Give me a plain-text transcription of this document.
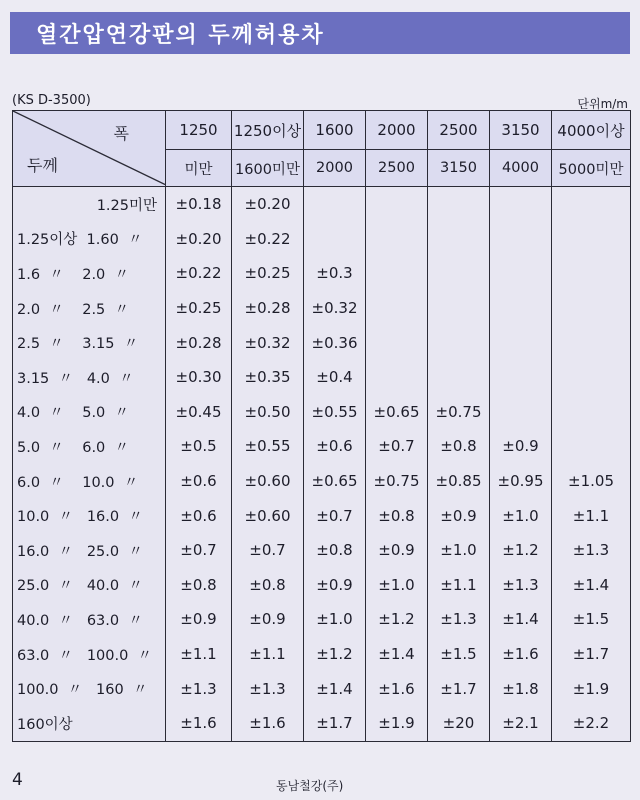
열간압연강판의 두께허용차
(KS D-3500)	단위m/m
폭
두께	1250	1250이상	1600	2000	2500	3150	4000이상
	미만	1600미만	2000	2500	3150	4000	5000미만
1.25미만	±0.18	±0.20					
1.25이상  1.60  〃	±0.20	±0.22					
1.6  〃    2.0  〃	±0.22	±0.25	±0.3				
2.0  〃    2.5  〃	±0.25	±0.28	±0.32				
2.5  〃    3.15  〃	±0.28	±0.32	±0.36				
3.15  〃   4.0  〃	±0.30	±0.35	±0.4				
4.0  〃    5.0  〃	±0.45	±0.50	±0.55	±0.65	±0.75		
5.0  〃    6.0  〃	±0.5	±0.55	±0.6	±0.7	±0.8	±0.9	
6.0  〃    10.0  〃	±0.6	±0.60	±0.65	±0.75	±0.85	±0.95	±1.05
10.0  〃   16.0  〃	±0.6	±0.60	±0.7	±0.8	±0.9	±1.0	±1.1
16.0  〃   25.0  〃	±0.7	±0.7	±0.8	±0.9	±1.0	±1.2	±1.3
25.0  〃   40.0  〃	±0.8	±0.8	±0.9	±1.0	±1.1	±1.3	±1.4
40.0  〃   63.0  〃	±0.9	±0.9	±1.0	±1.2	±1.3	±1.4	±1.5
63.0  〃   100.0  〃	±1.1	±1.1	±1.2	±1.4	±1.5	±1.6	±1.7
100.0  〃   160  〃	±1.3	±1.3	±1.4	±1.6	±1.7	±1.8	±1.9
160이상	±1.6	±1.6	±1.7	±1.9	±20	±2.1	±2.2
4	동남철강(주)
